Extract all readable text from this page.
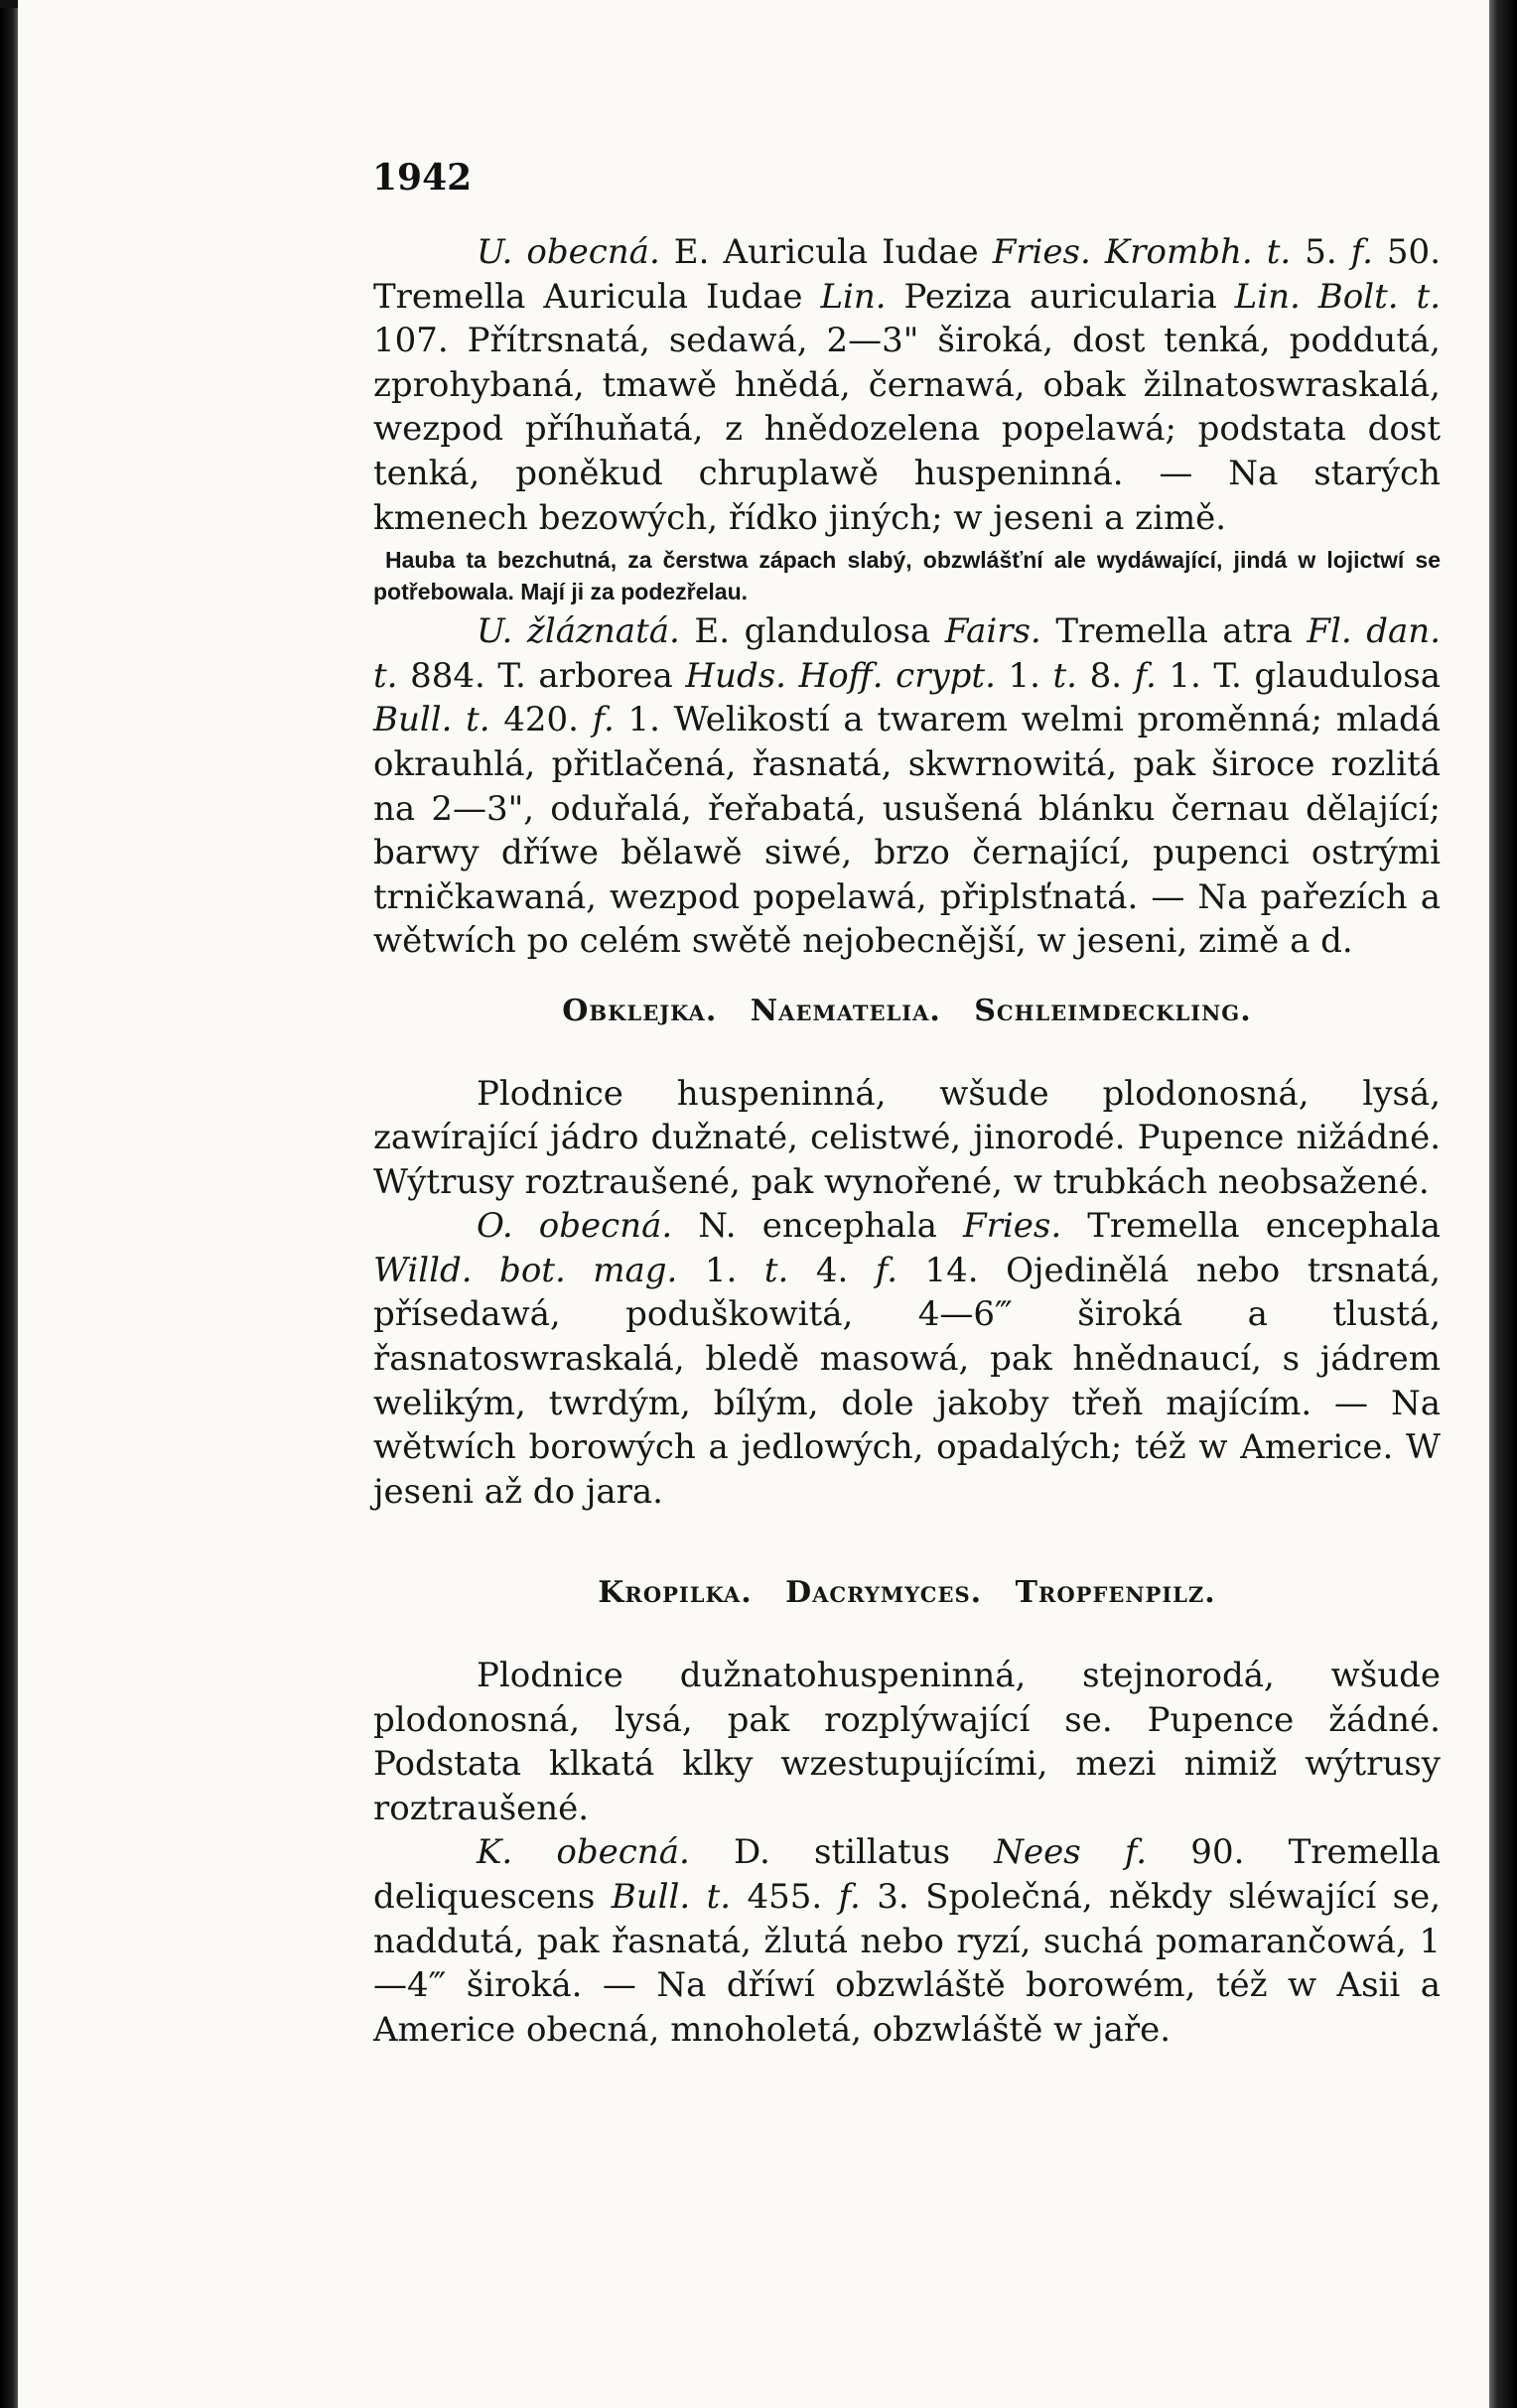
1942

U. obecná. E. Auricula Iudae Fries. Krombh. t. 5. f. 50. Tremella Auricula Iudae Lin. Peziza auricularia Lin. Bolt. t. 107. Přítrsnatá, sedawá, 2—3" široká, dost tenká, poddutá, zprohybaná, tmawě hnědá, černawá, obak žilnatoswraskalá, wezpod příhuňatá, z hnědozelena popelawá; podstata dost tenká, poněkud chruplawě huspeninná. — Na starých kmenech bezowých, řídko jiných; w jeseni a zimě.

Hauba ta bezchutná, za čerstwa zápach slabý, obzwlášťní ale wydáwající, jindá w lojictwí se potřebowala. Mají ji za podezřelau.

U. žláznatá. E. glandulosa Fairs. Tremella atra Fl. dan. t. 884. T. arborea Huds. Hoff. crypt. 1. t. 8. f. 1. T. glaudulosa Bull. t. 420. f. 1. Welikostí a twarem welmi proměnná; mladá okrauhlá, přitlačená, řasnatá, skwrnowitá, pak široce rozlitá na 2—3", oduřalá, řeřabatá, usušená blánku černau dělající; barwy dříwe bělawě siwé, brzo černající, pupenci ostrými trničkawaná, wezpod popelawá, připlsťnatá. — Na pařezích a wětwích po celém swětě nejobecnější, w jeseni, zimě a d.

Obklejka. Naematelia. Schleimdeckling.

Plodnice huspeninná, wšude plodonosná, lysá, zawírající jádro dužnaté, celistwé, jinorodé. Pupence nižádné. Wýtrusy roztraušené, pak wynořené, w trubkách neobsažené.

O. obecná. N. encephala Fries. Tremella encephala Willd. bot. mag. 1. t. 4. f. 14. Ojedinělá nebo trsnatá, přísedawá, poduškowitá, 4—6‴ široká a tlustá, řasnatoswraskalá, bledě masowá, pak hnědnaucí, s jádrem welikým, twrdým, bílým, dole jakoby třeň majícím. — Na wětwích borowých a jedlowých, opadalých; též w Americe. W jeseni až do jara.

Kropilka. Dacrymyces. Tropfenpilz.

Plodnice dužnatohuspeninná, stejnorodá, wšude plodonosná, lysá, pak rozplýwající se. Pupence žádné. Podstata klkatá klky wzestupujícími, mezi nimiž wýtrusy roztraušené.

K. obecná. D. stillatus Nees f. 90. Tremella deliquescens Bull. t. 455. f. 3. Společná, někdy sléwající se, naddutá, pak řasnatá, žlutá nebo ryzí, suchá pomarančowá, 1—4‴ široká. — Na dříwí obzwláště borowém, též w Asii a Americe obecná, mnoholetá, obzwláště w jaře.
